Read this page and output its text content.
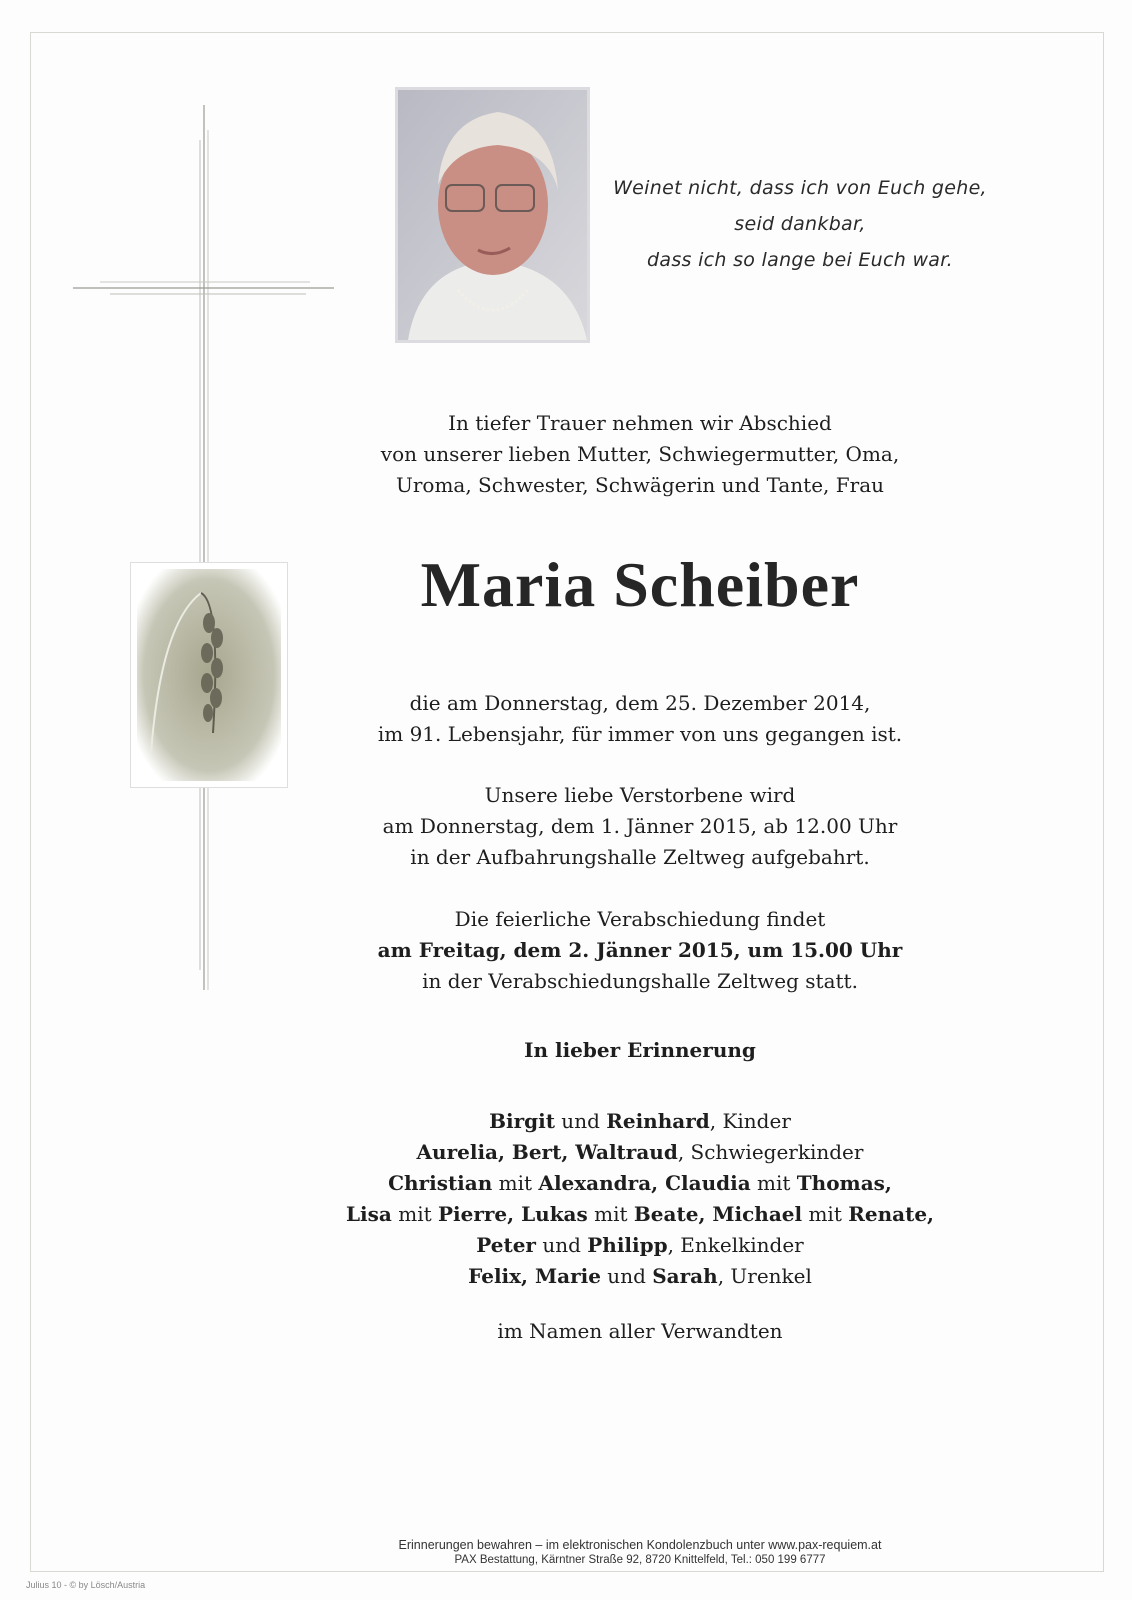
Weinet nicht, dass ich von Euch gehe,
seid dankbar,
dass ich so lange bei Euch war.
In tiefer Trauer nehmen wir Abschied
von unserer lieben Mutter, Schwiegermutter, Oma,
Uroma, Schwester, Schwägerin und Tante, Frau
Maria Scheiber
die am Donnerstag, dem 25. Dezember 2014,
im 91. Lebensjahr, für immer von uns gegangen ist.
Unsere liebe Verstorbene wird
am Donnerstag, dem 1. Jänner 2015, ab 12.00 Uhr
in der Aufbahrungshalle Zeltweg aufgebahrt.
Die feierliche Verabschiedung findet
am Freitag, dem 2. Jänner 2015, um 15.00 Uhr
in der Verabschiedungshalle Zeltweg statt.
In lieber Erinnerung
Birgit und Reinhard, Kinder
Aurelia, Bert, Waltraud, Schwiegerkinder
Christian mit Alexandra, Claudia mit Thomas,
Lisa mit Pierre, Lukas mit Beate, Michael mit Renate,
Peter und Philipp, Enkelkinder
Felix, Marie und Sarah, Urenkel
im Namen aller Verwandten
Erinnerungen bewahren – im elektronischen Kondolenzbuch unter www.pax-requiem.at
PAX Bestattung, Kärntner Straße 92, 8720 Knittelfeld, Tel.: 050 199 6777
Julius 10 - © by Lösch/Austria
